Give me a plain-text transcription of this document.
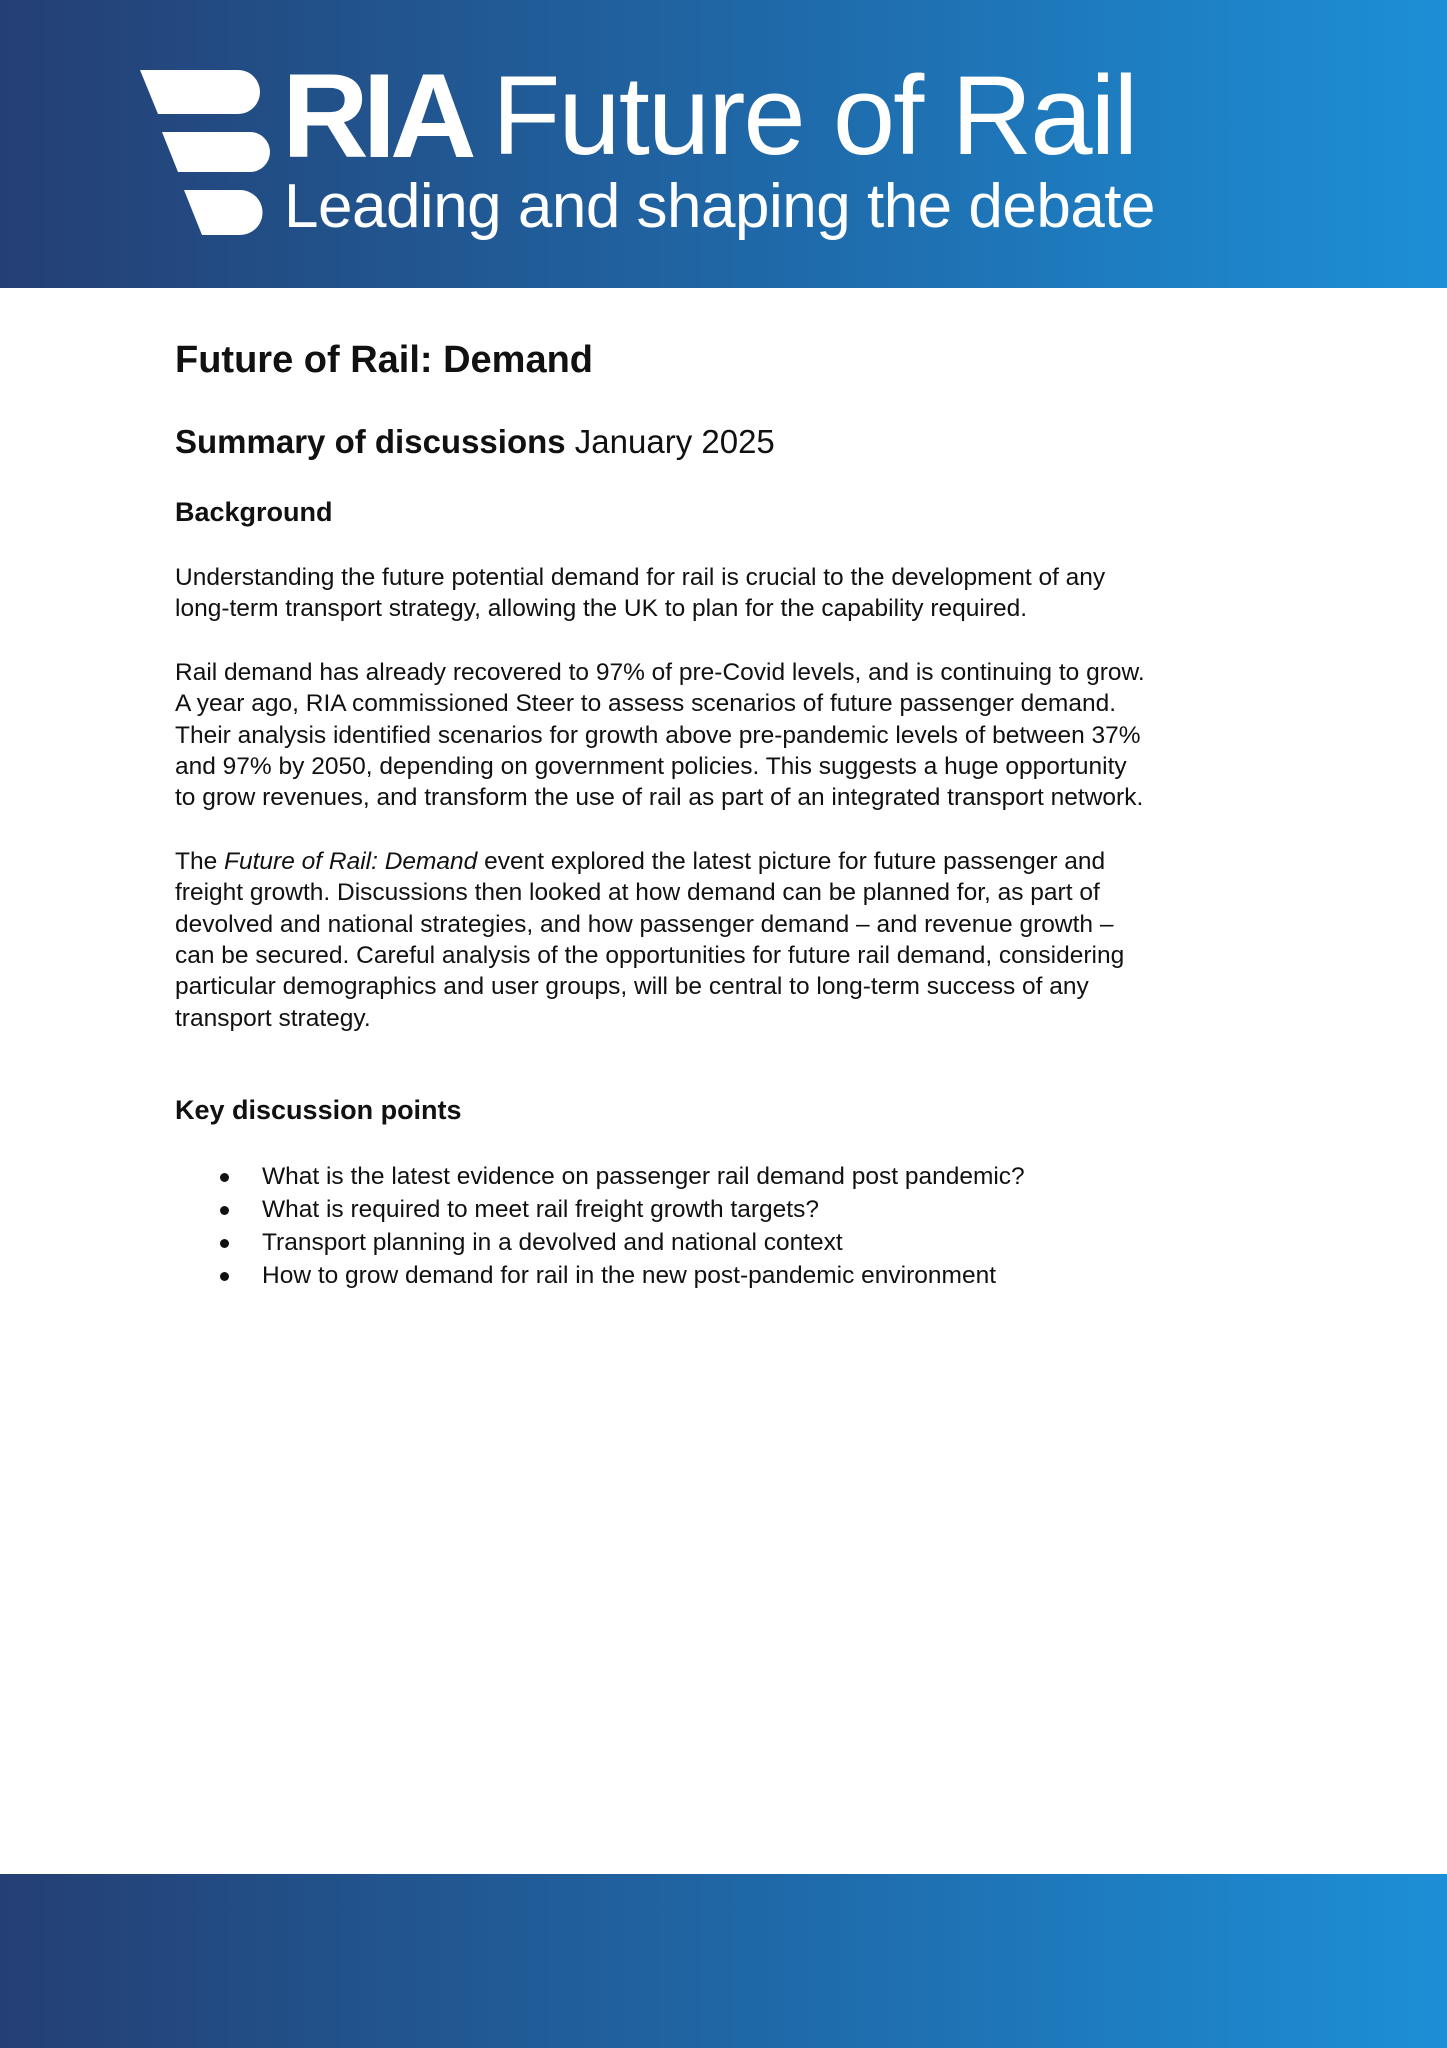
RIA Future of Rail
Leading and shaping the debate
Future of Rail: Demand

Summary of discussions January 2025

Background

Understanding the future potential demand for rail is crucial to the development of any
long-term transport strategy, allowing the UK to plan for the capability required.

Rail demand has already recovered to 97% of pre-Covid levels, and is continuing to grow.
A year ago, RIA commissioned Steer to assess scenarios of future passenger demand.
Their analysis identified scenarios for growth above pre-pandemic levels of between 37%
and 97% by 2050, depending on government policies. This suggests a huge opportunity
to grow revenues, and transform the use of rail as part of an integrated transport network.

The Future of Rail: Demand event explored the latest picture for future passenger and
freight growth. Discussions then looked at how demand can be planned for, as part of
devolved and national strategies, and how passenger demand – and revenue growth –
can be secured. Careful analysis of the opportunities for future rail demand, considering
particular demographics and user groups, will be central to long-term success of any
transport strategy.

Key discussion points
What is the latest evidence on passenger rail demand post pandemic?
What is required to meet rail freight growth targets?
Transport planning in a devolved and national context
How to grow demand for rail in the new post-pandemic environment
